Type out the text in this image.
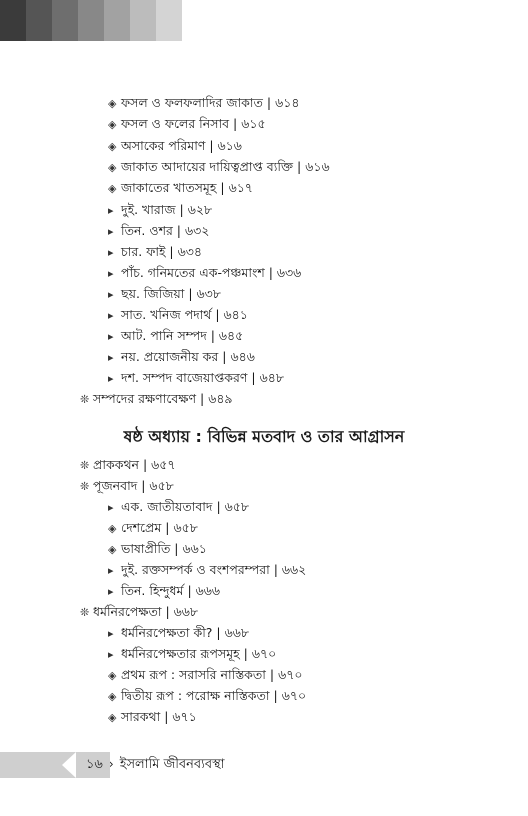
◈ ফসল ও ফলফলাদির জাকাত | ৬১৪
◈ ফসল ও ফলের নিসাব | ৬১৫
◈ অসাকের পরিমাণ | ৬১৬
◈ জাকাত আদায়ের দায়িত্বপ্রাপ্ত ব্যক্তি | ৬১৬
◈ জাকাতের খাতসমূহ | ৬১৭
▸ দুই. খারাজ | ৬২৮
▸ তিন. ওশর | ৬৩২
▸ চার. ফাই | ৬৩৪
▸ পাঁচ. গনিমতের এক-পঞ্চমাংশ | ৬৩৬
▸ ছয়. জিজিয়া | ৬৩৮
▸ সাত. খনিজ পদার্থ | ৬৪১
▸ আট. পানি সম্পদ | ৬৪৫
▸ নয়. প্রয়োজনীয় কর | ৬৪৬
▸ দশ. সম্পদ বাজেয়াপ্তকরণ | ৬৪৮
❊ সম্পদের রক্ষণাবেক্ষণ | ৬৪৯
ষষ্ঠ অধ্যায় : বিভিন্ন মতবাদ ও তার আগ্রাসন
❊ প্রাককথন | ৬৫৭
❊ পূজনবাদ | ৬৫৮
▸ এক. জাতীয়তাবাদ | ৬৫৮
◈ দেশপ্রেম | ৬৫৮
◈ ভাষাপ্রীতি | ৬৬১
▸ দুই. রক্তসম্পর্ক ও বংশপরম্পরা | ৬৬২
▸ তিন. হিন্দুধর্ম | ৬৬৬
❊ ধর্মনিরপেক্ষতা | ৬৬৮
▸ ধর্মনিরপেক্ষতা কী? | ৬৬৮
▸ ধর্মনিরপেক্ষতার রূপসমূহ | ৬৭০
◈ প্রথম রূপ : সরাসরি নাস্তিকতা | ৬৭০
◈ দ্বিতীয় রূপ : পরোক্ষ নাস্তিকতা | ৬৭০
◈ সারকথা | ৬৭১
১৬ › ইসলামি জীবনব্যবস্থা
